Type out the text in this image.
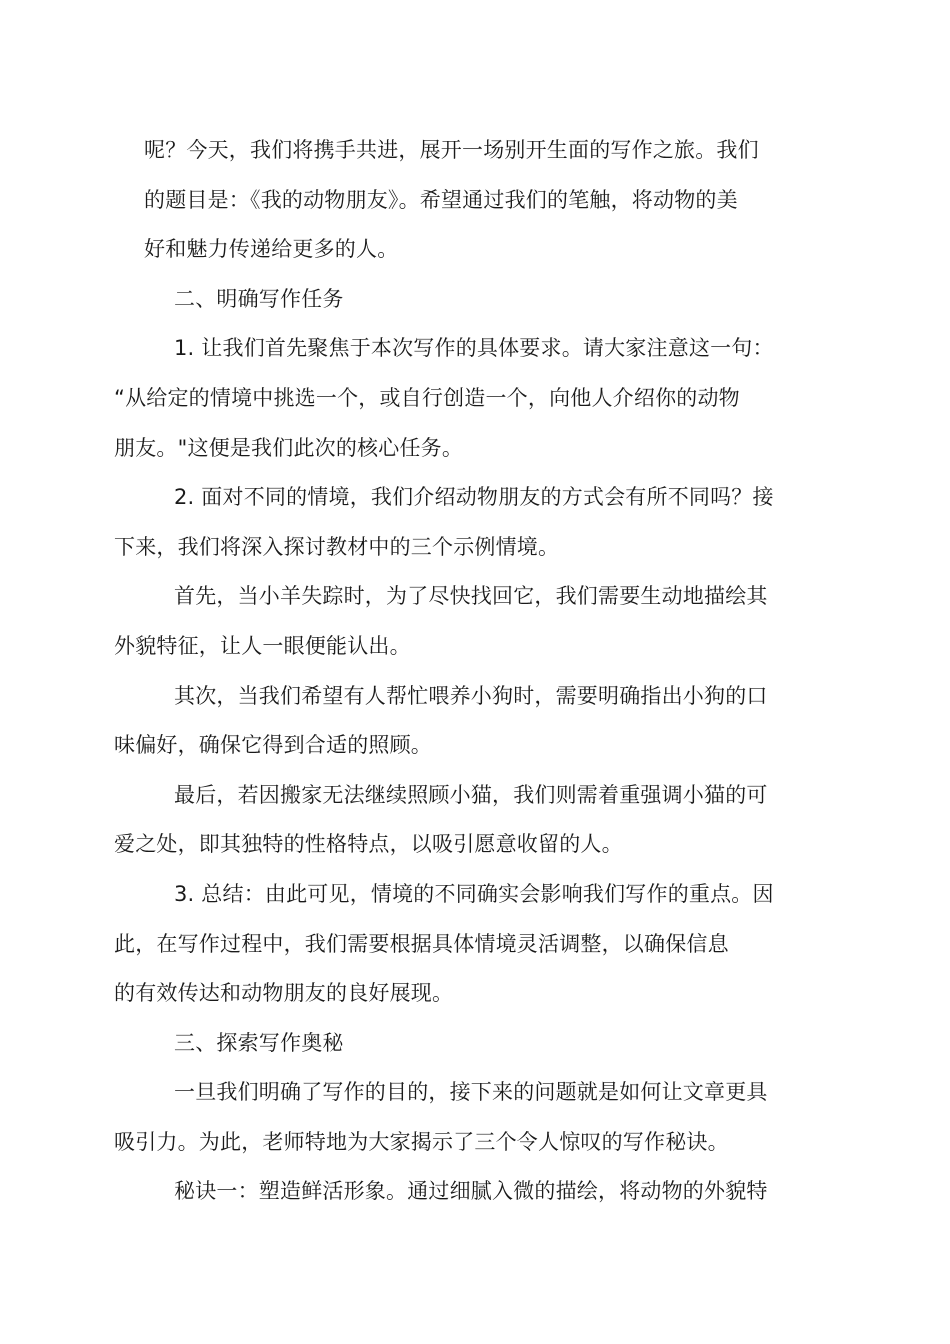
呢？今天，我们将携手共进，展开一场别开生面的写作之旅。我们
的题目是：《我的动物朋友》。希望通过我们的笔触，将动物的美
好和魅力传递给更多的人。

二、明确写作任务

1. 让我们首先聚焦于本次写作的具体要求。请大家注意这一句：
“从给定的情境中挑选一个，或自行创造一个，向他人介绍你的动物
朋友。"这便是我们此次的核心任务。

2. 面对不同的情境，我们介绍动物朋友的方式会有所不同吗？接
下来，我们将深入探讨教材中的三个示例情境。

首先，当小羊失踪时，为了尽快找回它，我们需要生动地描绘其
外貌特征，让人一眼便能认出。

其次，当我们希望有人帮忙喂养小狗时，需要明确指出小狗的口
味偏好，确保它得到合适的照顾。

最后，若因搬家无法继续照顾小猫，我们则需着重强调小猫的可
爱之处，即其独特的性格特点，以吸引愿意收留的人。

3. 总结：由此可见，情境的不同确实会影响我们写作的重点。因
此，在写作过程中，我们需要根据具体情境灵活调整，以确保信息
的有效传达和动物朋友的良好展现。

三、探索写作奥秘

一旦我们明确了写作的目的，接下来的问题就是如何让文章更具
吸引力。为此，老师特地为大家揭示了三个令人惊叹的写作秘诀。

秘诀一：塑造鲜活形象。通过细腻入微的描绘，将动物的外貌特
